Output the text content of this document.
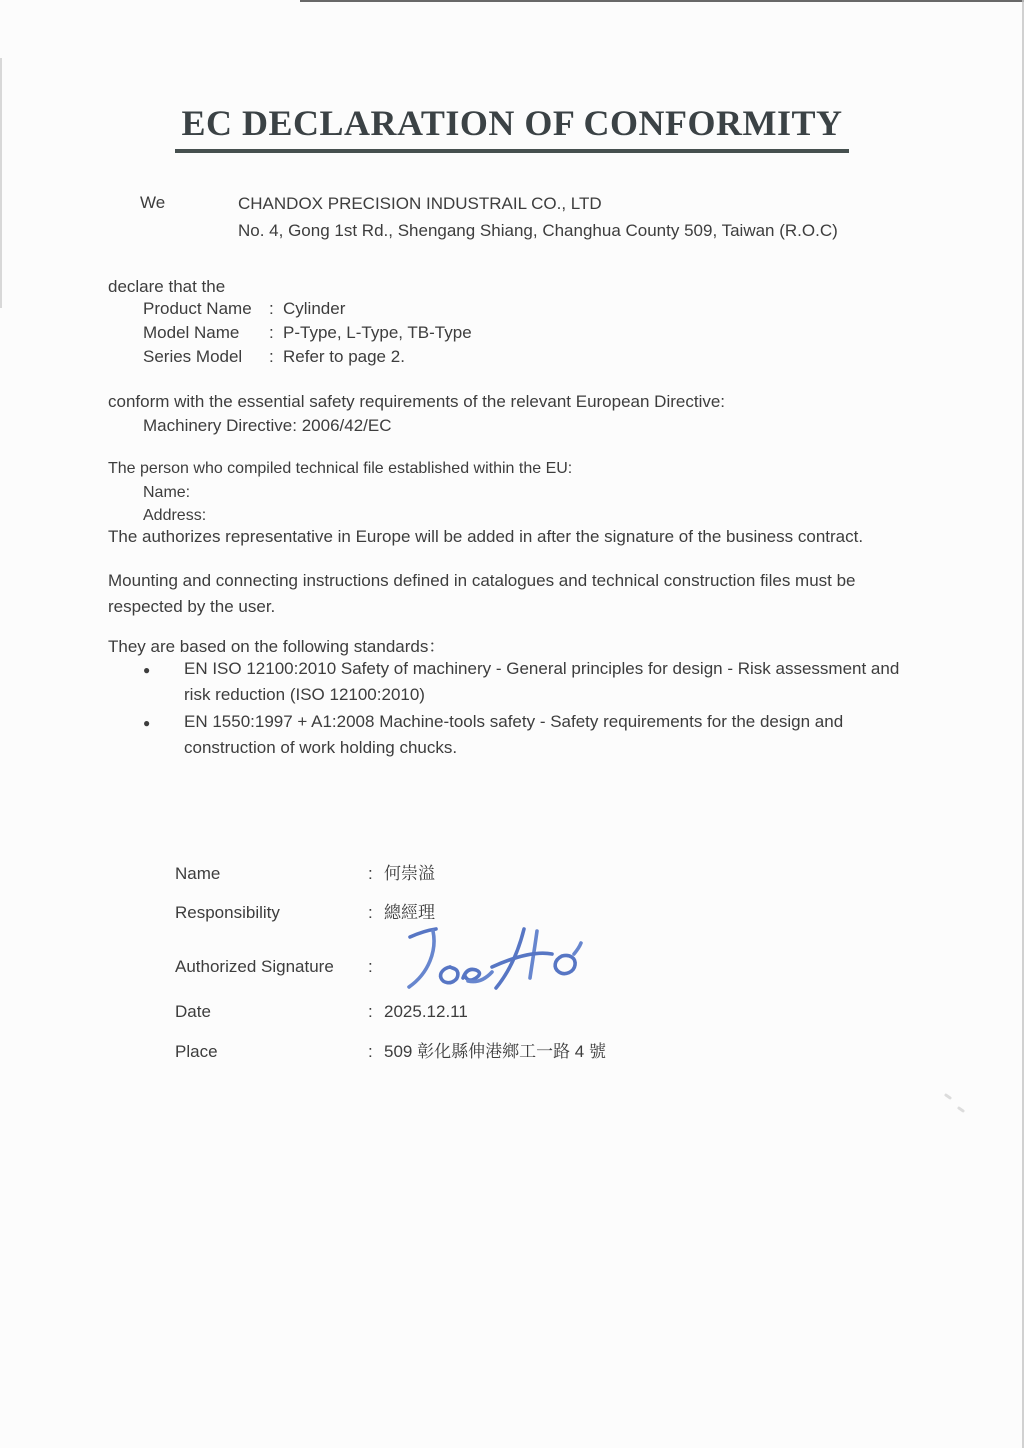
EC DECLARATION OF CONFORMITY
We	CHANDOX PRECISION INDUSTRAIL CO., LTD
No. 4, Gong 1st Rd., Shengang Shiang, Changhua County 509, Taiwan (R.O.C)
declare that the
Product Name	: Cylinder
Model Name	: P-Type, L-Type, TB-Type
Series Model	: Refer to page 2.
conform with the essential safety requirements of the relevant European Directive:
Machinery Directive: 2006/42/EC
The person who compiled technical file established within the EU:
Name:
Address:
The authorizes representative in Europe will be added in after the signature of the business contract.
Mounting and connecting instructions defined in catalogues and technical construction files must be respected by the user.
They are based on the following standards：
●	EN ISO 12100:2010 Safety of machinery - General principles for design - Risk assessment and risk reduction (ISO 12100:2010)
●	EN 1550:1997 + A1:2008 Machine-tools safety - Safety requirements for the design and construction of work holding chucks.
Name	: 何崇溢
Responsibility	: 總經理
Authorized Signature	:
Date	: 2025.12.11
Place	: 509 彰化縣伸港鄉工一路 4 號
